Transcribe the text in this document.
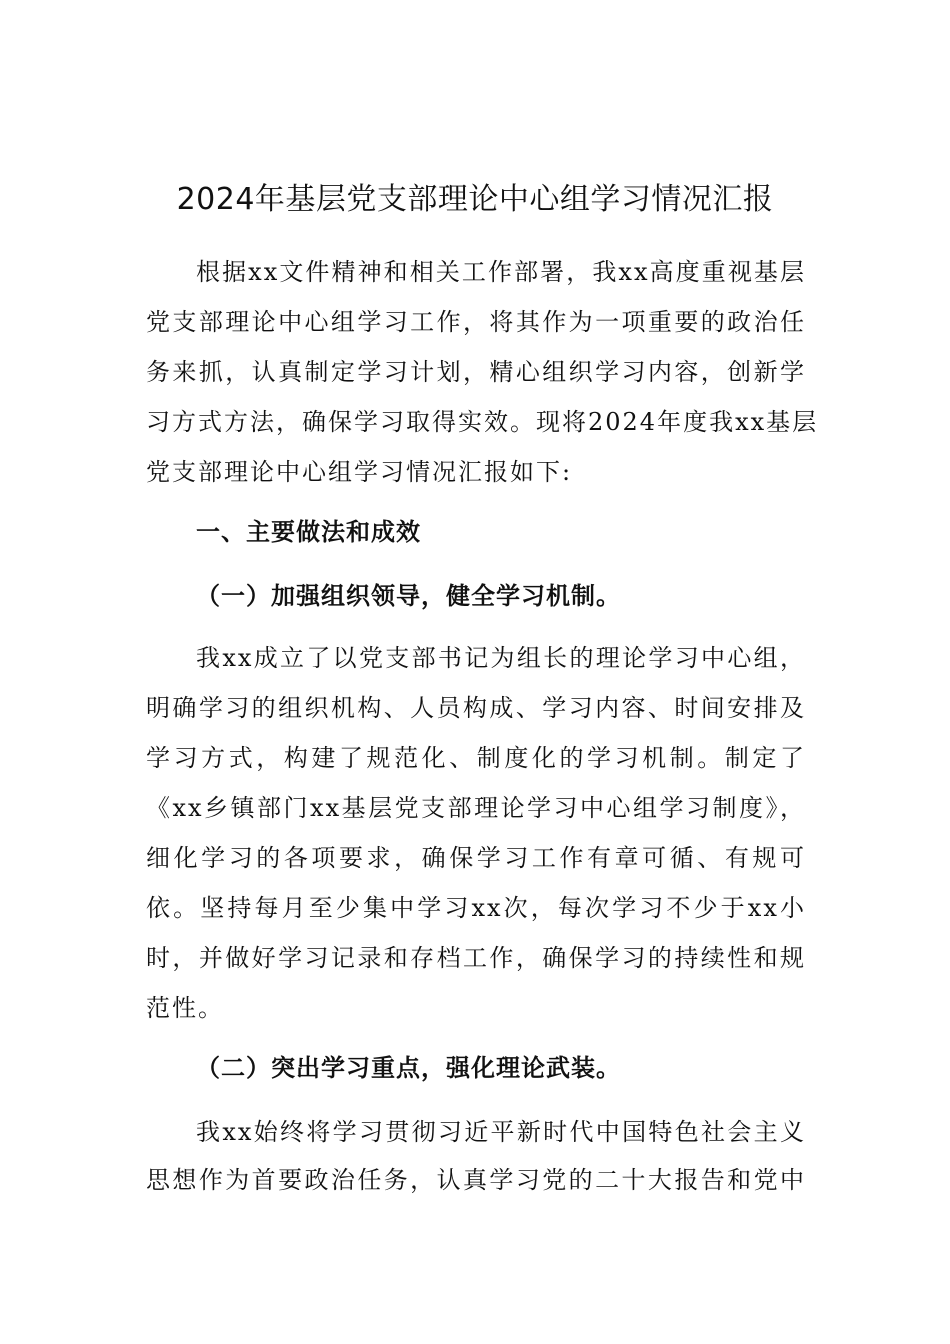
2024年基层党支部理论中心组学习情况汇报
根据xx文件精神和相关工作部署，我xx高度重视基层
党支部理论中心组学习工作，将其作为一项重要的政治任
务来抓，认真制定学习计划，精心组织学习内容，创新学
习方式方法，确保学习取得实效。现将2024年度我xx基层
党支部理论中心组学习情况汇报如下:
一、主要做法和成效
（一）加强组织领导，健全学习机制。
我xx成立了以党支部书记为组长的理论学习中心组，
明确学习的组织机构、人员构成、学习内容、时间安排及
学习方式，构建了规范化、制度化的学习机制。制定了
《xx乡镇部门xx基层党支部理论学习中心组学习制度》，
细化学习的各项要求，确保学习工作有章可循、有规可
依。坚持每月至少集中学习xx次，每次学习不少于xx小
时，并做好学习记录和存档工作，确保学习的持续性和规
范性。
（二）突出学习重点，强化理论武装。
我xx始终将学习贯彻习近平新时代中国特色社会主义
思想作为首要政治任务，认真学习党的二十大报告和党中
